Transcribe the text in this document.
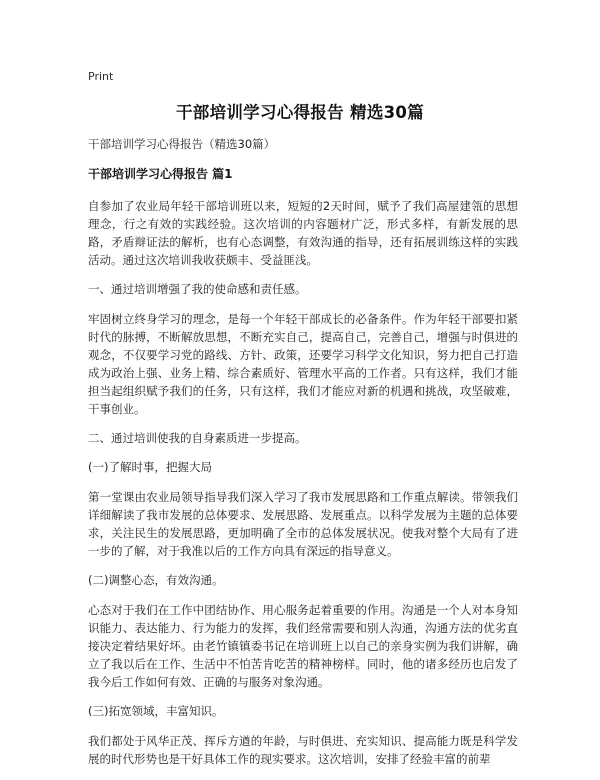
Print
干部培训学习心得报告 精选30篇
干部培训学习心得报告（精选30篇）
干部培训学习心得报告 篇1

自参加了农业局年轻干部培训班以来，短短的2天时间，赋予了我们高屋建瓴的思想理念，行之有效的实践经验。这次培训的内容题材广泛，形式多样，有新发展的思路，矛盾辩证法的解析，也有心态调整，有效沟通的指导，还有拓展训练这样的实践活动。通过这次培训我收获颇丰、受益匪浅。

一、通过培训增强了我的使命感和责任感。

牢固树立终身学习的理念，是每一个年轻干部成长的必备条件。作为年轻干部要扣紧时代的脉搏，不断解放思想，不断充实自己，提高自己，完善自己，增强与时俱进的观念，不仅要学习党的路线、方针、政策，还要学习科学文化知识，努力把自己打造成为政治上强、业务上精、综合素质好、管理水平高的工作者。只有这样，我们才能担当起组织赋予我们的任务，只有这样，我们才能应对新的机遇和挑战，攻坚破难，干事创业。

二、通过培训使我的自身素质进一步提高。

(一)了解时事，把握大局

第一堂课由农业局领导指导我们深入学习了我市发展思路和工作重点解读。带领我们详细解读了我市发展的总体要求、发展思路、发展重点。以科学发展为主题的总体要求，关注民生的发展思路，更加明确了全市的总体发展状况。使我对整个大局有了进一步的了解，对于我准以后的工作方向具有深远的指导意义。

(二)调整心态，有效沟通。

心态对于我们在工作中团结协作、用心服务起着重要的作用。沟通是一个人对本身知识能力、表达能力、行为能力的发挥，我们经常需要和别人沟通，沟通方法的优劣直接决定着结果好坏。由老竹镇镇委书记在培训班上以自己的亲身实例为我们讲解，确立了我以后在工作、生活中不怕苦肯吃苦的精神榜样。同时，他的诸多经历也启发了我今后工作如何有效、正确的与服务对象沟通。

(三)拓宽领域，丰富知识。

我们都处于风华正茂、挥斥方遒的年龄，与时俱进、充实知识、提高能力既是科学发展的时代形势也是干好具体工作的现实要求。这次培训，安排了经验丰富的前辈
